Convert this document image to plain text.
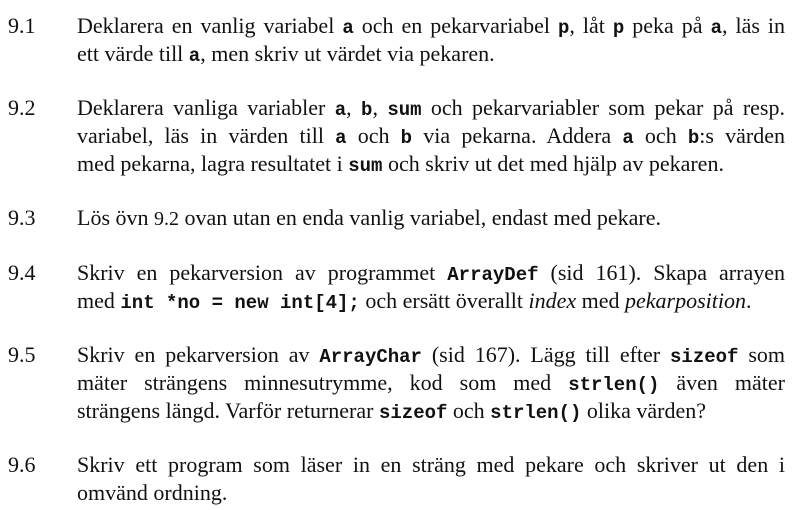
9.1 Deklarera en vanlig variabel a och en pekarvariabel p, låt p peka på a, läs in
ett värde till a, men skriv ut värdet via pekaren.
9.2 Deklarera vanliga variabler a, b, sum och pekarvariabler som pekar på resp.
variabel, läs in värden till a och b via pekarna. Addera a och b:s värden
med pekarna, lagra resultatet i sum och skriv ut det med hjälp av pekaren.
9.3 Lös övn 9.2 ovan utan en enda vanlig variabel, endast med pekare.
9.4 Skriv en pekarversion av programmet ArrayDef (sid 161). Skapa arrayen
med int *no = new int[4]; och ersätt överallt index med pekarposition.
9.5 Skriv en pekarversion av ArrayChar (sid 167). Lägg till efter sizeof som
mäter strängens minnesutrymme, kod som med strlen() även mäter
strängens längd. Varför returnerar sizeof och strlen() olika värden?
9.6 Skriv ett program som läser in en sträng med pekare och skriver ut den i
omvänd ordning.
